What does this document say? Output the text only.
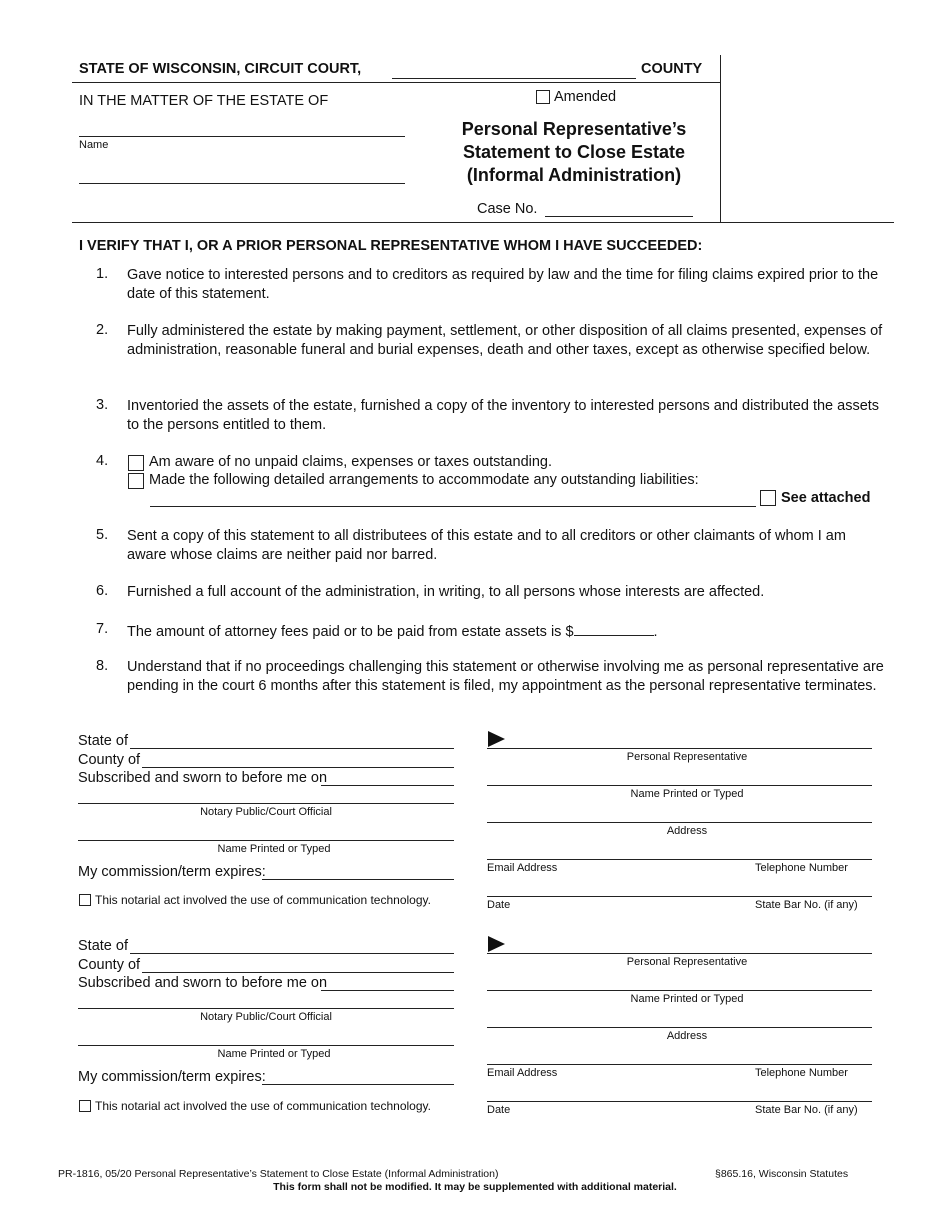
STATE OF WISCONSIN, CIRCUIT COURT,	COUNTY
IN THE MATTER OF THE ESTATE OF
Name
Amended
Personal Representative’s
Statement to Close Estate
(Informal Administration)
Case No.
I VERIFY THAT I, OR A PRIOR PERSONAL REPRESENTATIVE WHOM I HAVE SUCCEEDED:
1. Gave notice to interested persons and to creditors as required by law and the time for filing claims expired prior to the date of this statement.
2. Fully administered the estate by making payment, settlement, or other disposition of all claims presented, expenses of administration, reasonable funeral and burial expenses, death and other taxes, except as otherwise specified below.
3. Inventoried the assets of the estate, furnished a copy of the inventory to interested persons and distributed the assets to the persons entitled to them.
4.	Am aware of no unpaid claims, expenses or taxes outstanding.
Made the following detailed arrangements to accommodate any outstanding liabilities:
See attached
5. Sent a copy of this statement to all distributees of this estate and to all creditors or other claimants of whom I am aware whose claims are neither paid nor barred.
6. Furnished a full account of the administration, in writing, to all persons whose interests are affected.
7. The amount of attorney fees paid or to be paid from estate assets is $	.
8. Understand that if no proceedings challenging this statement or otherwise involving me as personal representative are pending in the court 6 months after this statement is filed, my appointment as the personal representative terminates.
State of
County of
Subscribed and sworn to before me on
Notary Public/Court Official
Name Printed or Typed
My commission/term expires:
This notarial act involved the use of communication technology.
Personal Representative
Name Printed or Typed
Address
Email Address	Telephone Number
Date	State Bar No. (if any)
State of
County of
Subscribed and sworn to before me on
Notary Public/Court Official
Name Printed or Typed
My commission/term expires:
This notarial act involved the use of communication technology.
Personal Representative
Name Printed or Typed
Address
Email Address	Telephone Number
Date	State Bar No. (if any)
PR-1816, 05/20 Personal Representative’s Statement to Close Estate (Informal Administration)	§865.16, Wisconsin Statutes
This form shall not be modified. It may be supplemented with additional material.
